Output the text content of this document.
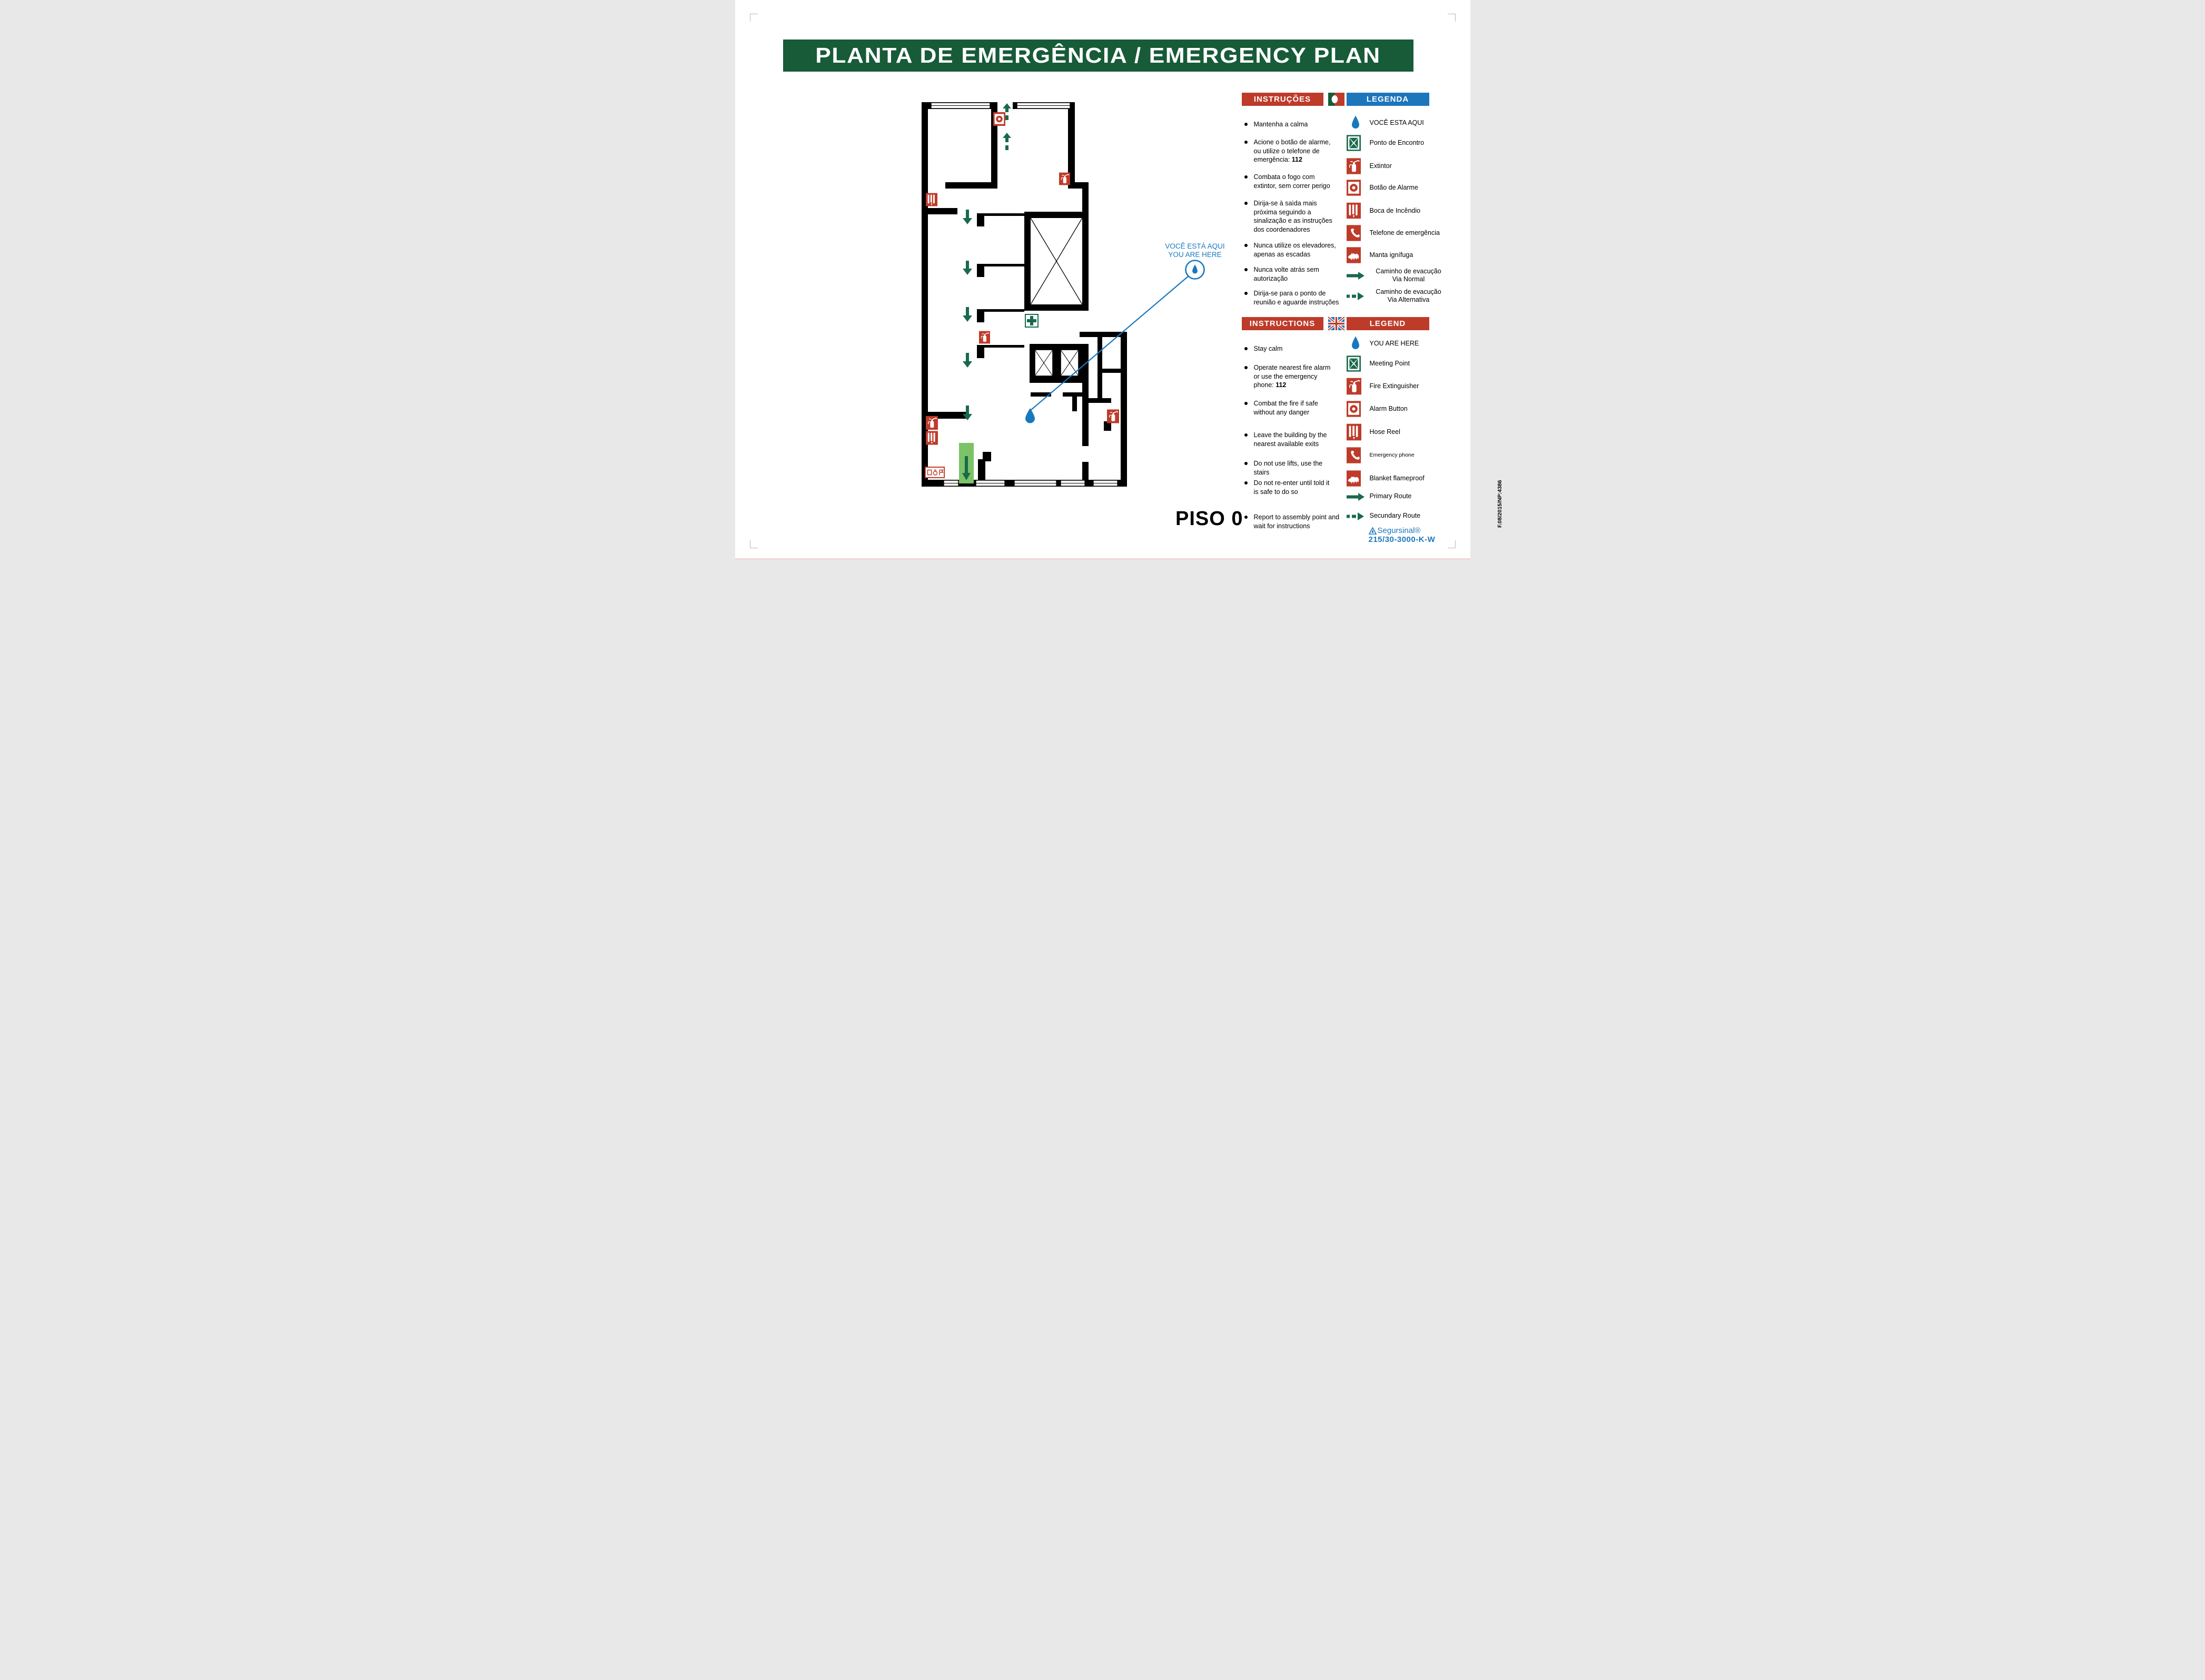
PLANTA DE EMERGÊNCIA / EMERGENCY PLAN
VOCÊ ESTÁ AQUI
YOU ARE HERE
PISO 0
INSTRUÇÕES	LEGENDA
Mantenha a calma
Acione o botão de alarme,
ou utilize o telefone de
emergência: 112
Combata o fogo com
extintor, sem correr perigo
Dirija-se à saìda mais
próxima seguindo a
sinalização e as instruções
dos coordenadores
Nunca utilize os elevadores,
apenas as escadas
Nunca volte atrás sem
autorização
Dirija-se para o ponto de
reunião e aguarde instruções
VOCÊ ESTA AQUI
Ponto de Encontro
Extintor
Botão de Alarme
Boca de Incêndio
Telefone de emergência
Manta ignífuga
Caminho de evacução
Via Normal
Caminho de evacução
Via Alternativa
INSTRUCTIONS	LEGEND
Stay calm
Operate nearest fire alarm
or use the emergency
phone: 112
Combat the fire if safe
without any danger
Leave the building by the
nearest available exits
Do not use lifts, use the
stairs
Do not re-enter until told it
is safe to do so
Report to assembly point and
wait for instructions
YOU ARE HERE
Meeting Point
Fire Extinguisher
Alarm Button
Hose Reel
Emergency phone
Blanket flameproof
Primary Route
Secundary Route
Segursinal®
215/30-3000-K-W
F.08/2015/NP:4386
